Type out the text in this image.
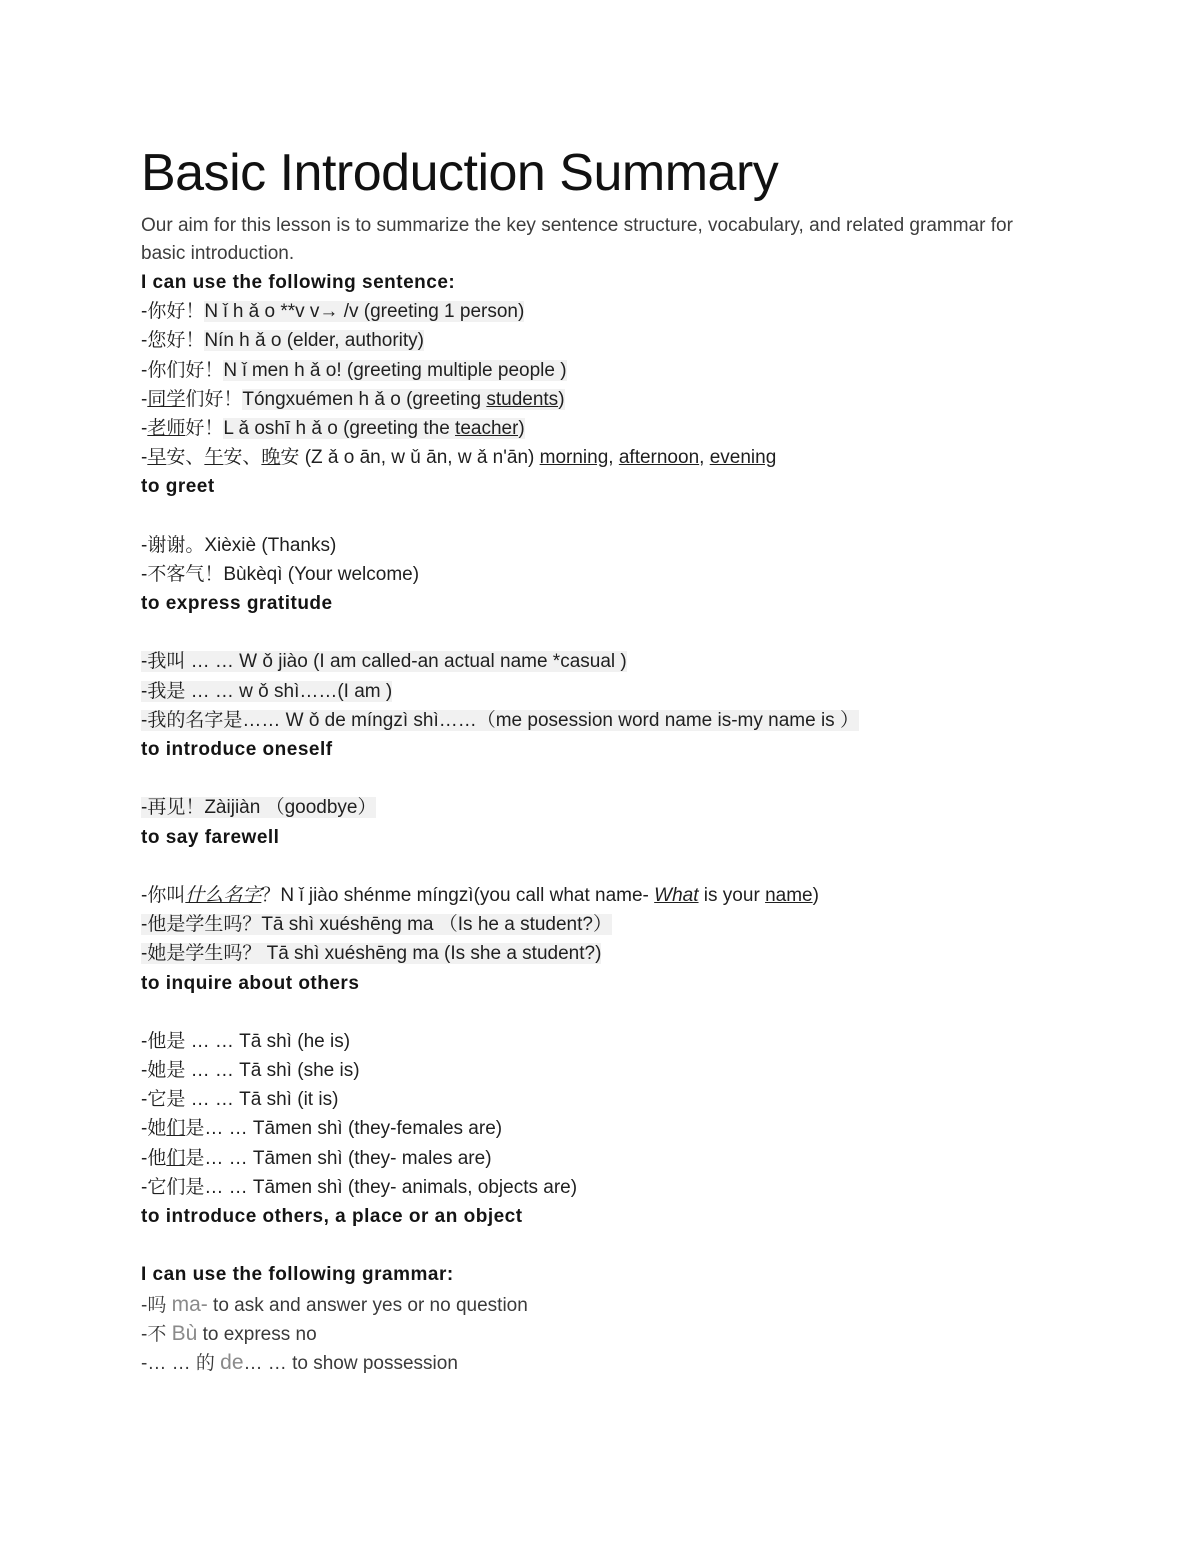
Basic Introduction Summary

Our aim for this lesson is to summarize the key sentence structure, vocabulary, and related grammar for basic introduction.

I can use the following sentence:
-你好！N ǐ h ǎ o **v v→ /v (greeting 1 person)
-您好！Nín h ǎ o (elder, authority)
-你们好！N ǐ men h ǎ o! (greeting multiple people )
-同学们好！Tóngxuémen h ǎ o (greeting students)
-老师好！L ǎ oshī h ǎ o (greeting the teacher)
-早安、午安、晚安 (Z ǎ o ān, w ǔ ān, w ǎ n'ān) morning, afternoon, evening
to greet
-谢谢。Xièxiè (Thanks)
-不客气！Bùkèqì (Your welcome)
to express gratitude
-我叫 … … W ǒ jiào (I am called-an actual name *casual )
-我是 … … w ǒ shì……(I am )
-我的名字是…… W ǒ de míngzì shì……（me posession word name is-my name is ）
to introduce oneself
-再见！Zàijiàn （goodbye）
to say farewell
-你叫什么名字？N ǐ jiào shénme míngzì(you call what name- What is your name)
-他是学生吗？Tā shì xuéshēng ma （Is he a student?）
-她是学生吗？ Tā shì xuéshēng ma (Is she a student?)
to inquire about others
-他是 … … Tā shì (he is)
-她是 … … Tā shì (she is)
-它是 … … Tā shì (it is)
-她们是… … Tāmen shì (they-females are)
-他们是… … Tāmen shì (they- males are)
-它们是… … Tāmen shì (they- animals, objects are)
to introduce others, a place or an object
I can use the following grammar:
-吗 ma- to ask and answer yes or no question
-不 Bù to express no
-… … 的 de… … to show possession
